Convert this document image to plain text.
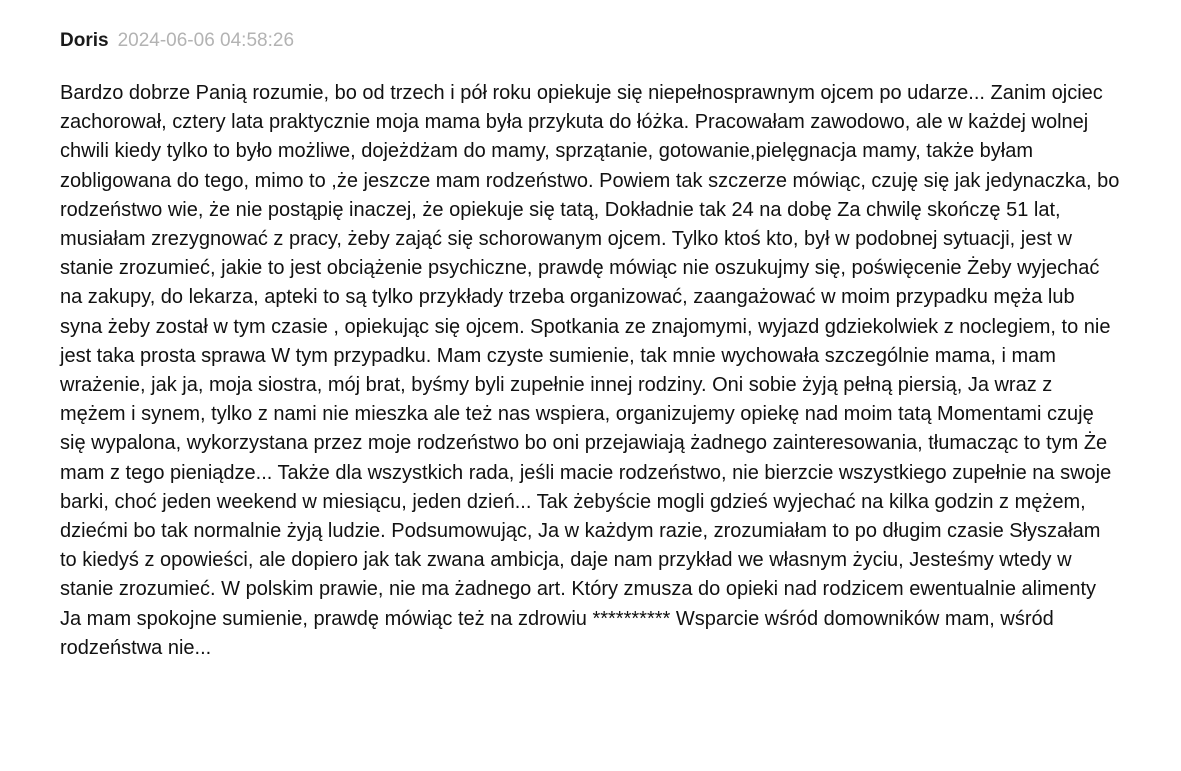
Doris 2024-06-06 04:58:26

Bardzo dobrze Panią rozumie, bo od trzech i pół roku opiekuje się niepełnosprawnym ojcem po udarze... Zanim ojciec zachorował, cztery lata praktycznie moja mama była przykuta do łóżka. Pracowałam zawodowo, ale w każdej wolnej chwili kiedy tylko to było możliwe, dojeżdżam do mamy, sprzątanie, gotowanie,pielęgnacja mamy, także byłam zobligowana do tego, mimo to ,że jeszcze mam rodzeństwo. Powiem tak szczerze mówiąc, czuję się jak jedynaczka, bo rodzeństwo wie, że nie postąpię inaczej, że opiekuje się tatą, Dokładnie tak 24 na dobę Za chwilę skończę 51 lat, musiałam zrezygnować z pracy, żeby zająć się schorowanym ojcem. Tylko ktoś kto, był w podobnej sytuacji, jest w stanie zrozumieć, jakie to jest obciążenie psychiczne, prawdę mówiąc nie oszukujmy się, poświęcenie Żeby wyjechać na zakupy, do lekarza, apteki to są tylko przykłady trzeba organizować, zaangażować w moim przypadku męża lub syna żeby został w tym czasie , opiekując się ojcem. Spotkania ze znajomymi, wyjazd gdziekolwiek z noclegiem, to nie jest taka prosta sprawa W tym przypadku. Mam czyste sumienie, tak mnie wychowała szczególnie mama, i mam wrażenie, jak ja, moja siostra, mój brat, byśmy byli zupełnie innej rodziny. Oni sobie żyją pełną piersią, Ja wraz z mężem i synem, tylko z nami nie mieszka ale też nas wspiera, organizujemy opiekę nad moim tatą Momentami czuję się wypalona, wykorzystana przez moje rodzeństwo bo oni przejawiają żadnego zainteresowania, tłumacząc to tym Że mam z tego pieniądze... Także dla wszystkich rada, jeśli macie rodzeństwo, nie bierzcie wszystkiego zupełnie na swoje barki, choć jeden weekend w miesiącu, jeden dzień... Tak żebyście mogli gdzieś wyjechać na kilka godzin z mężem, dziećmi bo tak normalnie żyją ludzie. Podsumowując, Ja w każdym razie, zrozumiałam to po długim czasie Słyszałam to kiedyś z opowieści, ale dopiero jak tak zwana ambicja, daje nam przykład we własnym życiu, Jesteśmy wtedy w stanie zrozumieć. W polskim prawie, nie ma żadnego art. Który zmusza do opieki nad rodzicem ewentualnie alimenty Ja mam spokojne sumienie, prawdę mówiąc też na zdrowiu ********** Wsparcie wśród domowników mam, wśród rodzeństwa nie...
